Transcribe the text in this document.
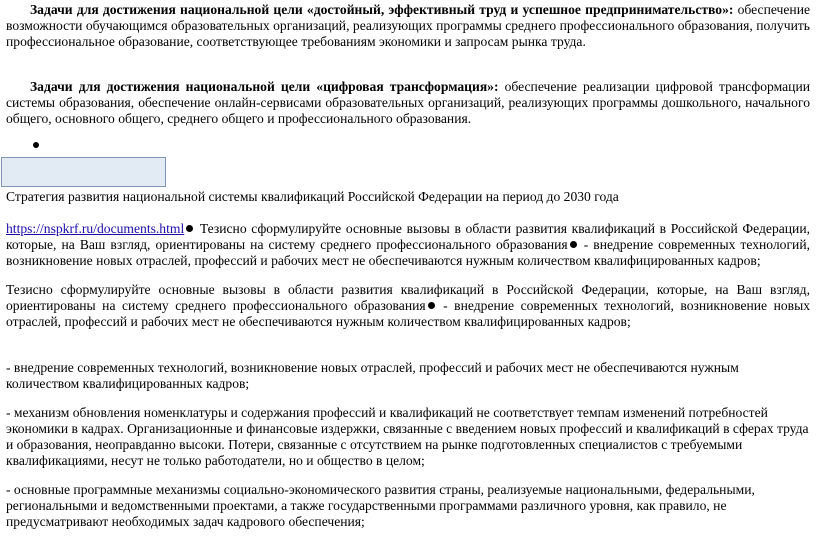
Задачи для достижения национальной цели «достойный, эффективный труд и успешное предпринимательство»: обеспечение возможности обучающимся образовательных организаций, реализующих программы среднего профессионального образования, получить профессиональное образование, соответствующее требованиям экономики и запросам рынка труда.
Задачи для достижения национальной цели «цифровая трансформация»: обеспечение реализации цифровой трансформации системы образования, обеспечение онлайн-сервисами образовательных организаций, реализующих программы дошкольного, начального общего, основного общего, среднего общего и профессионального образования.
Стратегия развития национальной системы квалификаций Российской Федерации на период до 2030 года
https://nspkrf.ru/documents.html Тезисно сформулируйте основные вызовы в области развития квалификаций в Российской Федерации, которые, на Ваш взгляд, ориентированы на систему среднего профессионального образования - внедрение современных технологий, возникновение новых отраслей, профессий и рабочих мест не обеспечиваются нужным количеством квалифицированных кадров;
Тезисно сформулируйте основные вызовы в области развития квалификаций в Российской Федерации, которые, на Ваш взгляд, ориентированы на систему среднего профессионального образования - внедрение современных технологий, возникновение новых отраслей, профессий и рабочих мест не обеспечиваются нужным количеством квалифицированных кадров;
- внедрение современных технологий, возникновение новых отраслей, профессий и рабочих мест не обеспечиваются нужным количеством квалифицированных кадров;
- механизм обновления номенклатуры и содержания профессий и квалификаций не соответствует темпам изменений потребностей экономики в кадрах. Организационные и финансовые издержки, связанные с введением новых профессий и квалификаций в сферах труда и образования, неоправданно высоки. Потери, связанные с отсутствием на рынке подготовленных специалистов с требуемыми квалификациями, несут не только работодатели, но и общество в целом;
- основные программные механизмы социально-экономического развития страны, реализуемые национальными, федеральными, региональными и ведомственными проектами, а также государственными программами различного уровня, как правило, не предусматривают необходимых задач кадрового обеспечения;
